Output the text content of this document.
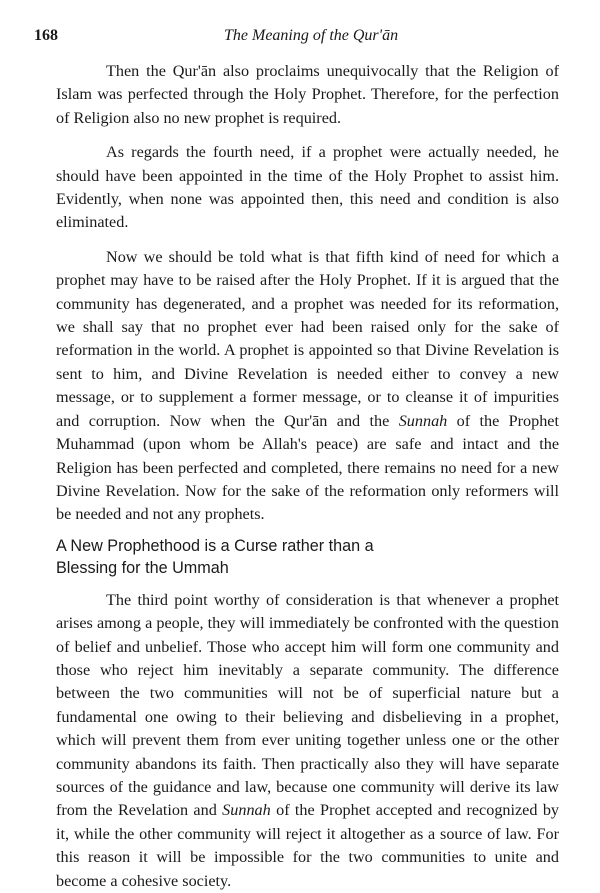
168	The Meaning of the Qur'ān

Then the Qur'ān also proclaims unequivocally that the Religion of Islam was perfected through the Holy Prophet. Therefore, for the perfection of Religion also no new prophet is required.

As regards the fourth need, if a prophet were actually needed, he should have been appointed in the time of the Holy Prophet to assist him. Evidently, when none was appointed then, this need and condition is also eliminated.

Now we should be told what is that fifth kind of need for which a prophet may have to be raised after the Holy Prophet. If it is argued that the community has degenerated, and a prophet was needed for its reformation, we shall say that no prophet ever had been raised only for the sake of reformation in the world. A prophet is appointed so that Divine Revelation is sent to him, and Divine Revelation is needed either to convey a new message, or to supplement a former message, or to cleanse it of impurities and corruption. Now when the Qur'ān and the Sunnah of the Prophet Muhammad (upon whom be Allah's peace) are safe and intact and the Religion has been perfected and completed, there remains no need for a new Divine Revelation. Now for the sake of the reformation only reformers will be needed and not any prophets.

A New Prophethood is a Curse rather than a Blessing for the Ummah

The third point worthy of consideration is that whenever a prophet arises among a people, they will immediately be confronted with the question of belief and unbelief. Those who accept him will form one community and those who reject him inevitably a separate community. The difference between the two communities will not be of superficial nature but a fundamental one owing to their believing and disbelieving in a prophet, which will prevent them from ever uniting together unless one or the other community abandons its faith. Then practically also they will have separate sources of the guidance and law, because one community will derive its law from the Revelation and Sunnah of the Prophet accepted and recognized by it, while the other community will reject it altogether as a source of law. For this reason it will be impossible for the two communities to unite and become a cohesive society.
